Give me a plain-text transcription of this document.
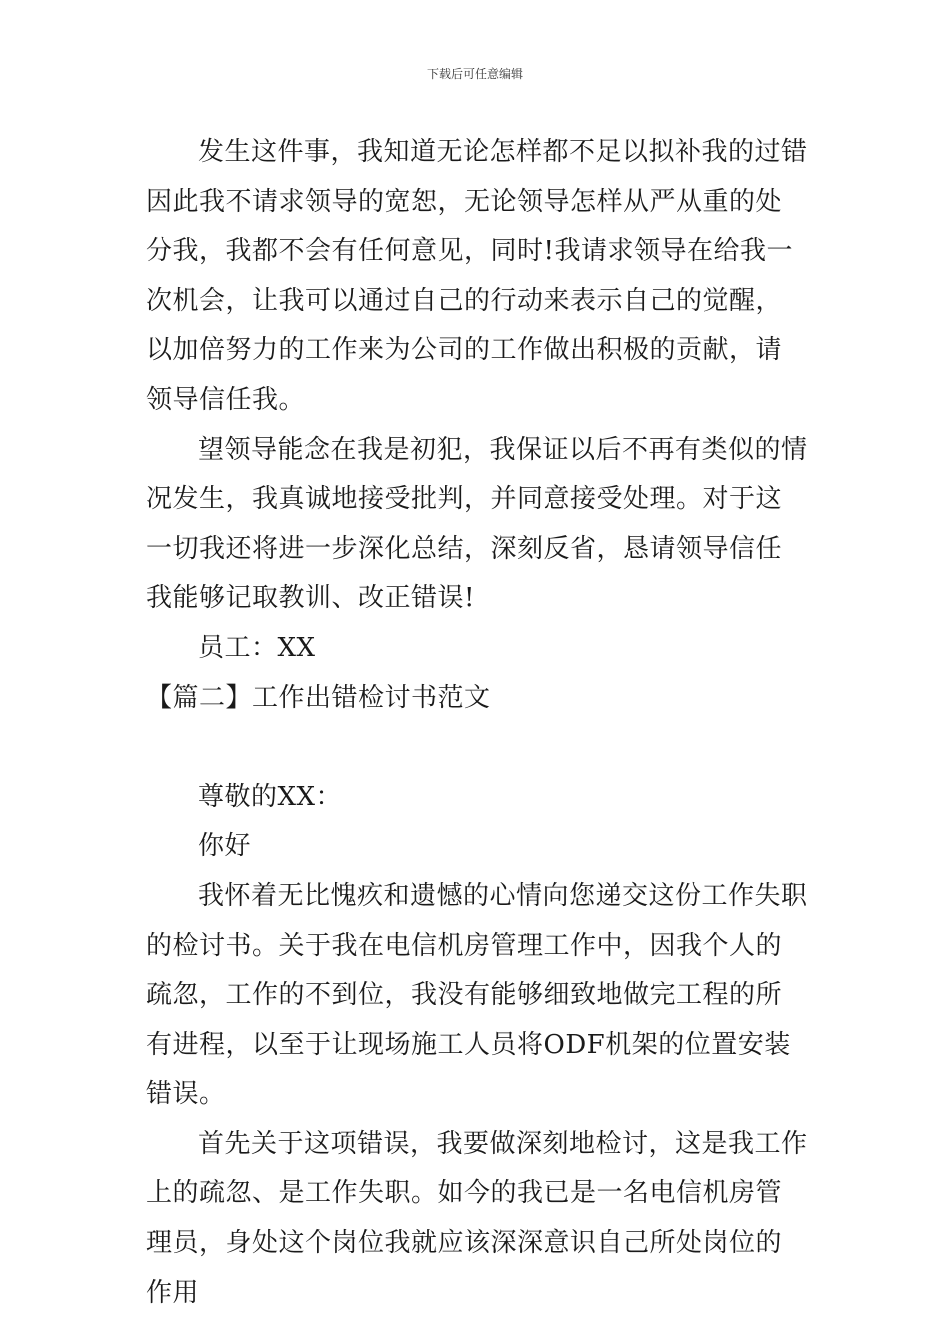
下载后可任意编辑

发生这件事，我知道无论怎样都不足以拟补我的过错因此我不请求领导的宽恕，无论领导怎样从严从重的处分我，我都不会有任何意见，同时!我请求领导在给我一次机会，让我可以通过自己的行动来表示自己的觉醒，以加倍努力的工作来为公司的工作做出积极的贡献，请领导信任我。

望领导能念在我是初犯，我保证以后不再有类似的情况发生，我真诚地接受批判，并同意接受处理。对于这一切我还将进一步深化总结，深刻反省，恳请领导信任我能够记取教训、改正错误!

员工：XX

【篇二】工作出错检讨书范文

尊敬的XX：

你好

我怀着无比愧疚和遗憾的心情向您递交这份工作失职的检讨书。关于我在电信机房管理工作中，因我个人的疏忽，工作的不到位，我没有能够细致地做完工程的所有进程，以至于让现场施工人员将ODF机架的位置安装错误。

首先关于这项错误，我要做深刻地检讨，这是我工作上的疏忽、是工作失职。如今的我已是一名电信机房管理员，身处这个岗位我就应该深深意识自己所处岗位的作用
